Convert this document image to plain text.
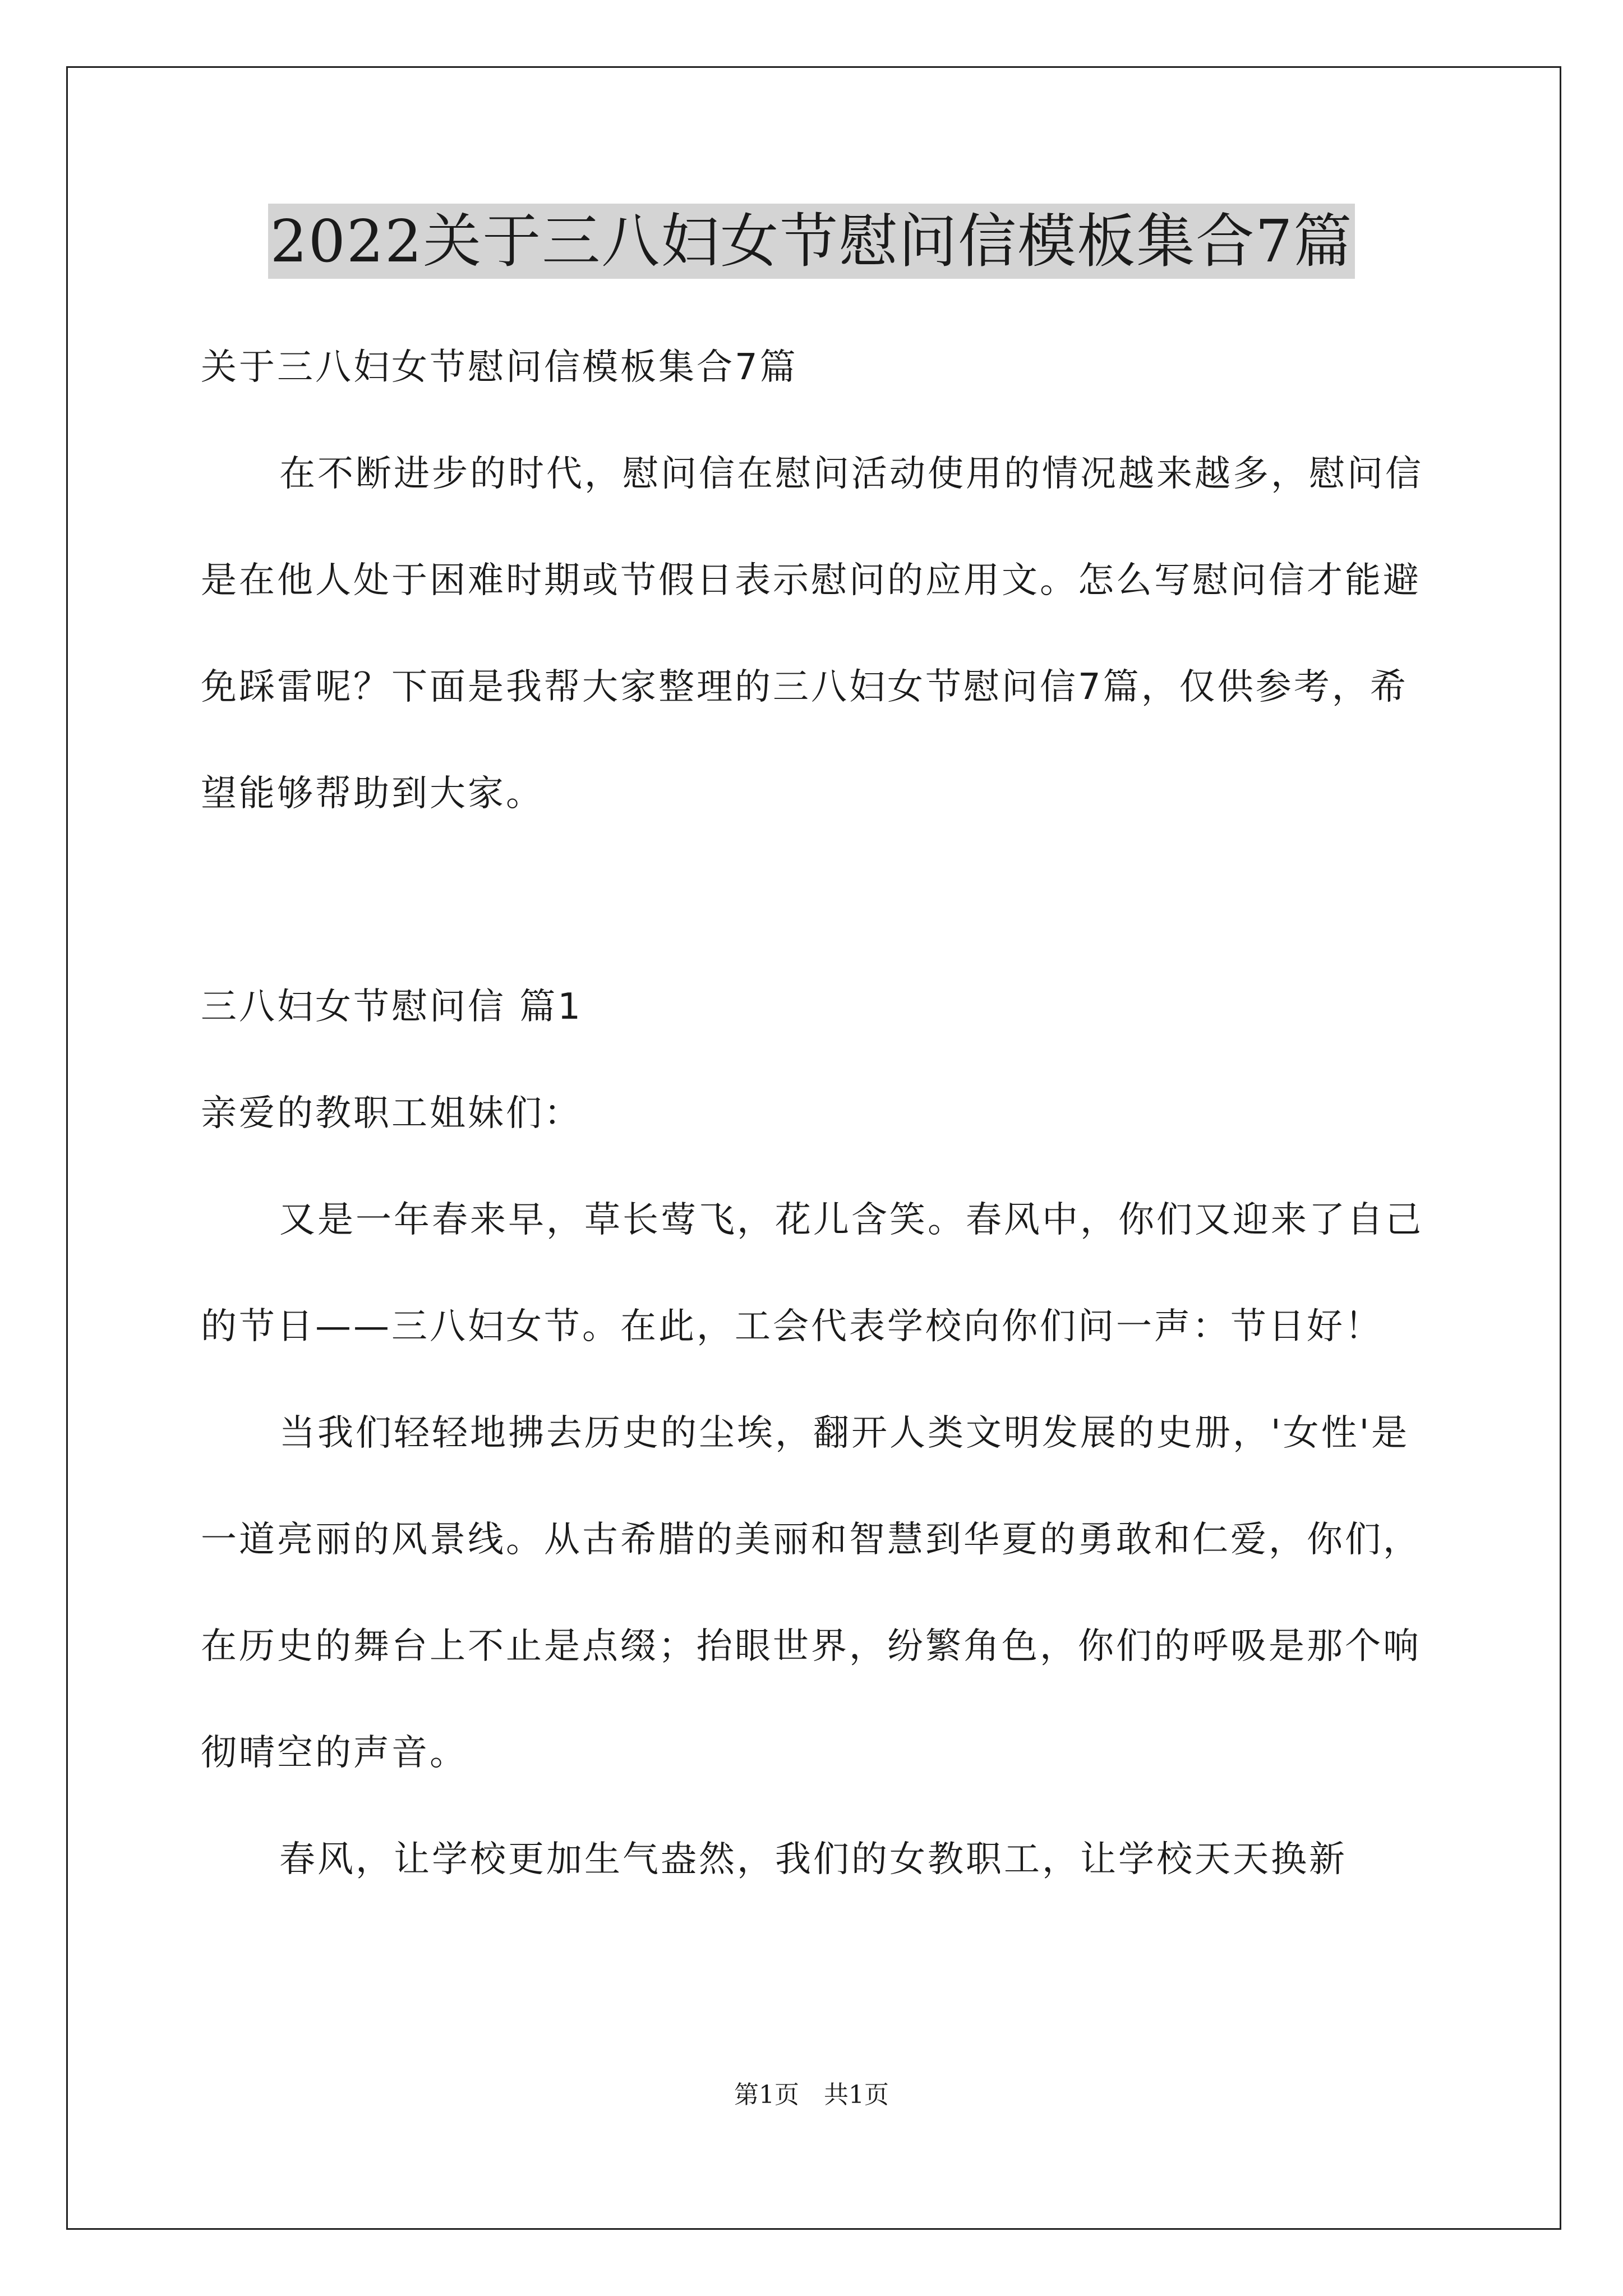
2022关于三八妇女节慰问信模板集合7篇

关于三八妇女节慰问信模板集合7篇

在不断进步的时代，慰问信在慰问活动使用的情况越来越多，慰问信是在他人处于困难时期或节假日表示慰问的应用文。怎么写慰问信才能避免踩雷呢？下面是我帮大家整理的三八妇女节慰问信7篇，仅供参考，希望能够帮助到大家。

三八妇女节慰问信 篇1

亲爱的教职工姐妹们：

又是一年春来早，草长莺飞，花儿含笑。春风中，你们又迎来了自己的节日——三八妇女节。在此，工会代表学校向你们问一声：节日好！

当我们轻轻地拂去历史的尘埃，翻开人类文明发展的史册，'女性'是一道亮丽的风景线。从古希腊的美丽和智慧到华夏的勇敢和仁爱，你们，在历史的舞台上不止是点缀；抬眼世界，纷繁角色，你们的呼吸是那个响彻晴空的声音。

春风，让学校更加生气盎然，我们的女教职工，让学校天天换新

第1页　共1页
